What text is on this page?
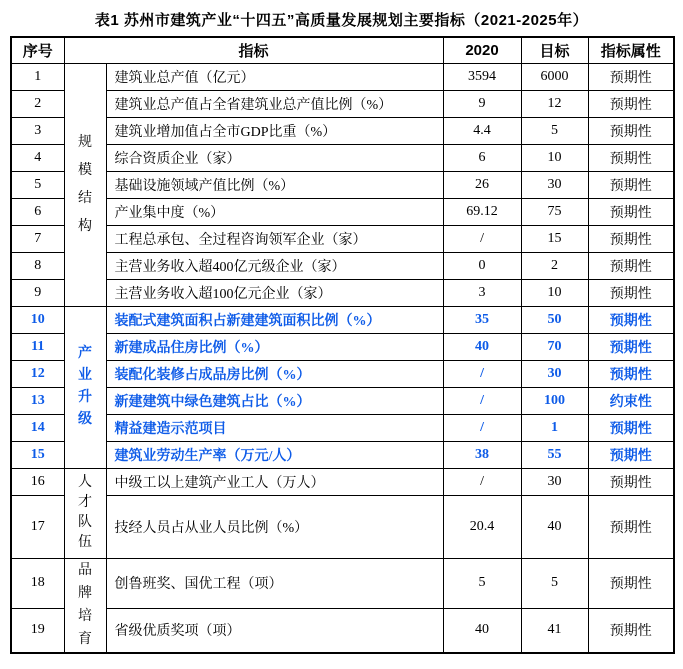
表1 苏州市建筑产业“十四五”高质量发展规划主要指标（2021-2025年）
序号	指标		2020	目标	指标属性
1	规模结构	建筑业总产值（亿元）	3594	6000	预期性
2		建筑业总产值占全省建筑业总产值比例（%）	9	12	预期性
3		建筑业增加值占全市GDP比重（%）	4.4	5	预期性
4		综合资质企业（家）	6	10	预期性
5		基础设施领域产值比例（%）	26	30	预期性
6		产业集中度（%）	69.12	75	预期性
7		工程总承包、全过程咨询领军企业（家）	/	15	预期性
8		主营业务收入超400亿元级企业（家）	0	2	预期性
9		主营业务收入超100亿元企业（家）	3	10	预期性
10	产业升级	装配式建筑面积占新建建筑面积比例（%）	35	50	预期性
11		新建成品住房比例（%）	40	70	预期性
12		装配化装修占成品房比例（%）	/	30	预期性
13		新建建筑中绿色建筑占比（%）	/	100	约束性
14		精益建造示范项目	/	1	预期性
15		建筑业劳动生产率（万元/人）	38	55	预期性
16	人才队伍	中级工以上建筑产业工人（万人）	/	30	预期性
17		技经人员占从业人员比例（%）	20.4	40	预期性
18	品牌培育	创鲁班奖、国优工程（项）	5	5	预期性
19		省级优质奖项（项）	40	41	预期性
